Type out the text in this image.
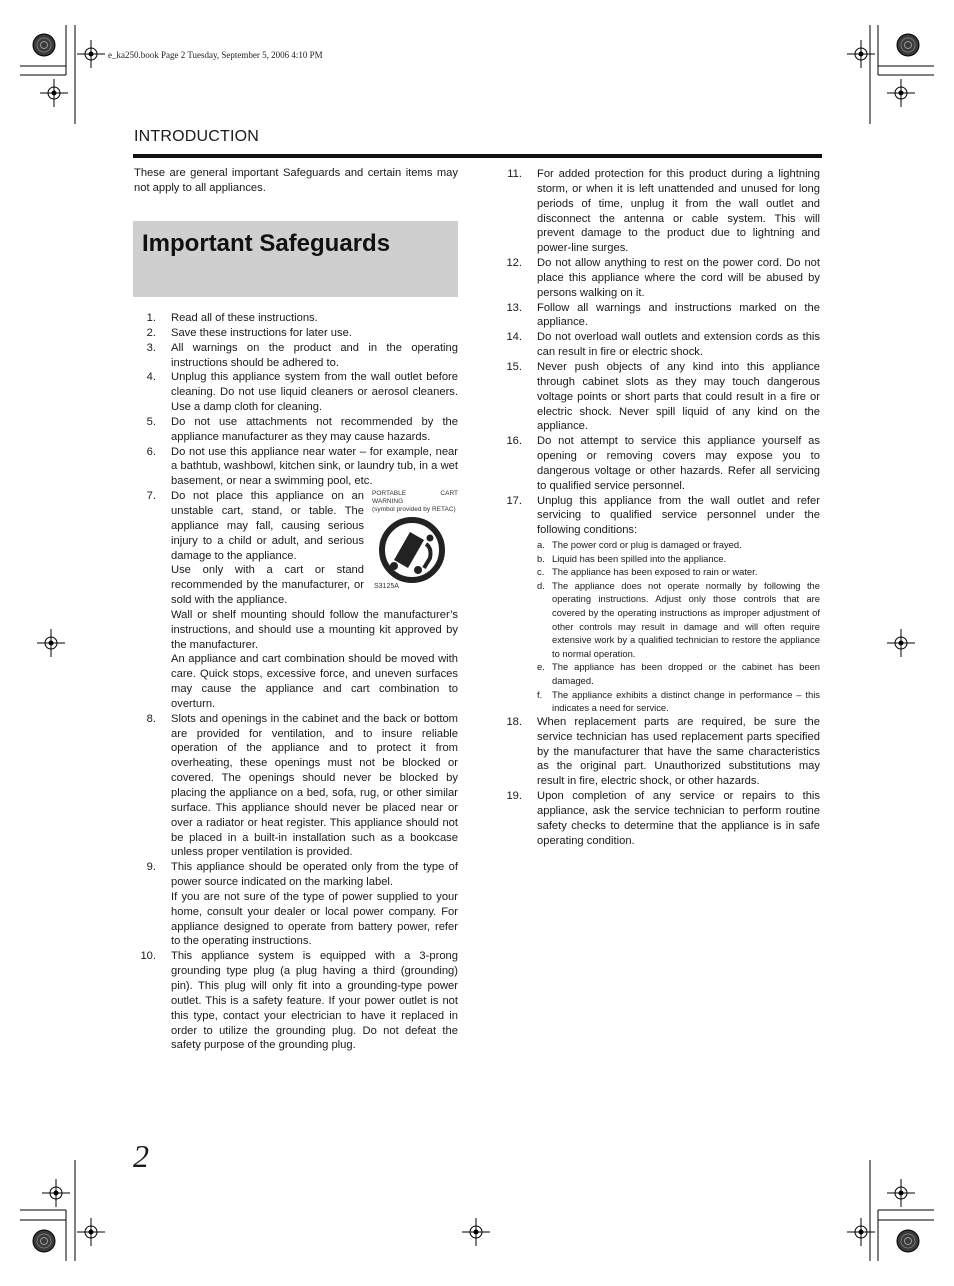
e_ka250.book Page 2 Tuesday, September 5, 2006 4:10 PM
INTRODUCTION
These are general important Safeguards and certain items may not apply to all appliances.
Important Safeguards
1. Read all of these instructions.

2. Save these instructions for later use.

3. All warnings on the product and in the operating instructions should be adhered to.

4. Unplug this appliance system from the wall outlet before cleaning. Do not use liquid cleaners or aerosol cleaners. Use a damp cloth for cleaning.

5. Do not use attachments not recommended by the appliance manufacturer as they may cause hazards.

6. Do not use this appliance near water – for example, near a bathtub, washbowl, kitchen sink, or laundry tub, in a wet basement, or near a swimming pool, etc.

7.	PORTABLE CART WARNING
(symbol provided by RETAC)
S3125A

Do not place this appliance on an unstable cart, stand, or table. The appliance may fall, causing serious injury to a child or adult, and serious damage to the appliance.

Use only with a cart or stand recommended by the manufacturer, or sold with the appliance.

Wall or shelf mounting should follow the manufacturer’s instructions, and should use a mounting kit approved by the manufacturer.

An appliance and cart combination should be moved with care. Quick stops, excessive force, and uneven surfaces may cause the appliance and cart combination to overturn.

8. Slots and openings in the cabinet and the back or bottom are provided for ventilation, and to insure reliable operation of the appliance and to protect it from overheating, these openings must not be blocked or covered. The openings should never be blocked by placing the appliance on a bed, sofa, rug, or other similar surface. This appliance should never be placed near or over a radiator or heat register. This appliance should not be placed in a built-in installation such as a bookcase unless proper ventilation is provided.

9. This appliance should be operated only from the type of power source indicated on the marking label.

If you are not sure of the type of power supplied to your home, consult your dealer or local power company. For appliance designed to operate from battery power, refer to the operating instructions.

10. This appliance system is equipped with a 3-prong grounding type plug (a plug having a third (grounding) pin). This plug will only fit into a grounding-type power outlet. This is a safety feature. If your power outlet is not this type, contact your electrician to have it replaced in order to utilize the grounding plug. Do not defeat the safety purpose of the grounding plug.

11. For added protection for this product during a lightning storm, or when it is left unattended and unused for long periods of time, unplug it from the wall outlet and disconnect the antenna or cable system. This will prevent damage to the product due to lightning and power-line surges.

12. Do not allow anything to rest on the power cord. Do not place this appliance where the cord will be abused by persons walking on it.

13. Follow all warnings and instructions marked on the appliance.

14. Do not overload wall outlets and extension cords as this can result in fire or electric shock.

15. Never push objects of any kind into this appliance through cabinet slots as they may touch dangerous voltage points or short parts that could result in a fire or electric shock. Never spill liquid of any kind on the appliance.

16. Do not attempt to service this appliance yourself as opening or removing covers may expose you to dangerous voltage or other hazards. Refer all servicing to qualified service personnel.

17. Unplug this appliance from the wall outlet and refer servicing to qualified service personnel under the following conditions:

a. The power cord or plug is damaged or frayed.

b. Liquid has been spilled into the appliance.

c. The appliance has been exposed to rain or water.

d. The appliance does not operate normally by following the operating instructions. Adjust only those controls that are covered by the operating instructions as improper adjustment of other controls may result in damage and will often require extensive work by a qualified technician to restore the appliance to normal operation.

e. The appliance has been dropped or the cabinet has been damaged.

f. The appliance exhibits a distinct change in performance – this indicates a need for service.

18. When replacement parts are required, be sure the service technician has used replacement parts specified by the manufacturer that have the same characteristics as the original part. Unauthorized substitutions may result in fire, electric shock, or other hazards.

19. Upon completion of any service or repairs to this appliance, ask the service technician to perform routine safety checks to determine that the appliance is in safe operating condition.

2
